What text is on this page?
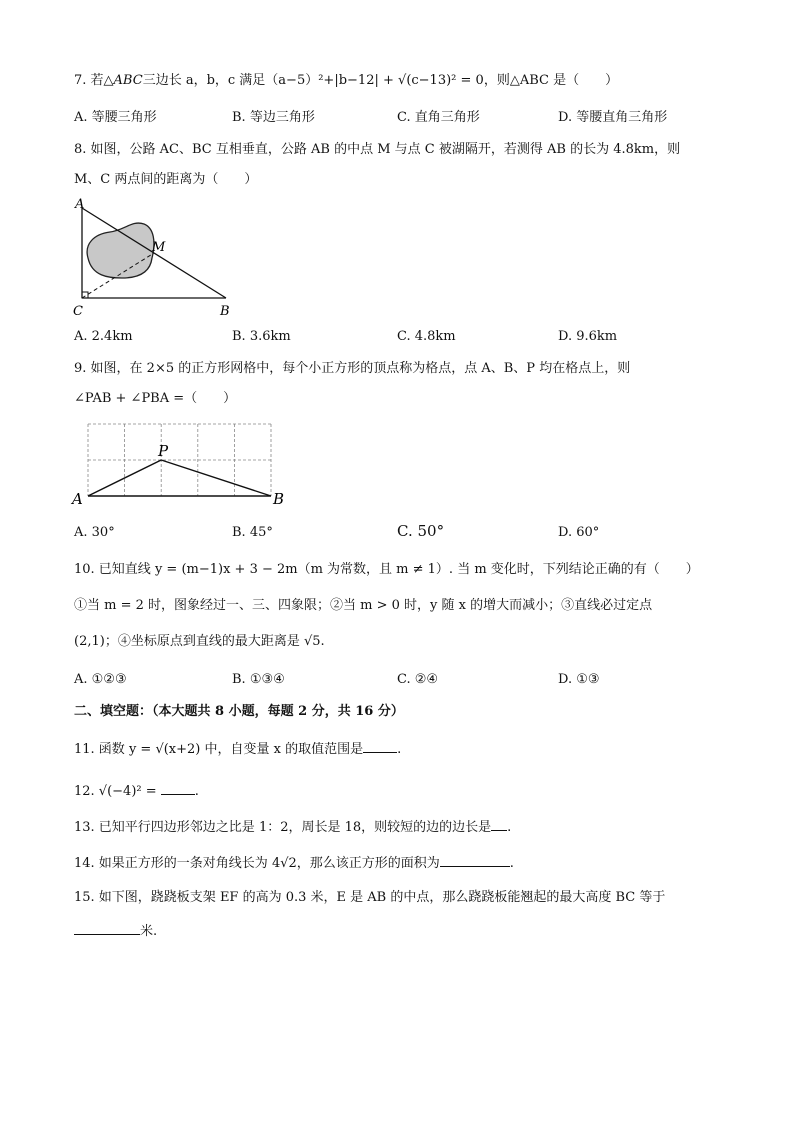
7. 若△ABC三边长 a，b，c 满足（a−5）²+|b−12| + √(c−13)² = 0，则△ABC 是（　　）
A. 等腰三角形	B. 等边三角形	C. 直角三角形	D. 等腰直角三角形
8. 如图，公路 AC、BC 互相垂直，公路 AB 的中点 M 与点 C 被湖隔开，若测得 AB 的长为 4.8km，则
M、C 两点间的距离为（　　）
A
M
C	B
A. 2.4km	B. 3.6km	C. 4.8km	D. 9.6km
9. 如图，在 2×5 的正方形网格中，每个小正方形的顶点称为格点，点 A、B、P 均在格点上，则
∠PAB + ∠PBA =（　　）
P
A	B
A. 30°	B. 45°	C. 50°	D. 60°
10. 已知直线 y = (m−1)x + 3 − 2m（m 为常数，且 m ≠ 1）. 当 m 变化时，下列结论正确的有（　　）
①当 m = 2 时，图象经过一、三、四象限；②当 m > 0 时，y 随 x 的增大而减小；③直线必过定点
(2,1)；④坐标原点到直线的最大距离是 √5.
A. ①②③	B. ①③④	C. ②④	D. ①③
二、填空题：（本大题共 8 小题，每题 2 分，共 16 分）
11. 函数 y = √(x+2) 中，自变量 x 的取值范围是	.
12. √(−4)² =	.
13. 已知平行四边形邻边之比是 1：2，周长是 18，则较短的边的边长是 .
14. 如果正方形的一条对角线长为 4√2，那么该正方形的面积为	.
15. 如下图，跷跷板支架 EF 的高为 0.3 米，E 是 AB 的中点，那么跷跷板能翘起的最大高度 BC 等于
米.
